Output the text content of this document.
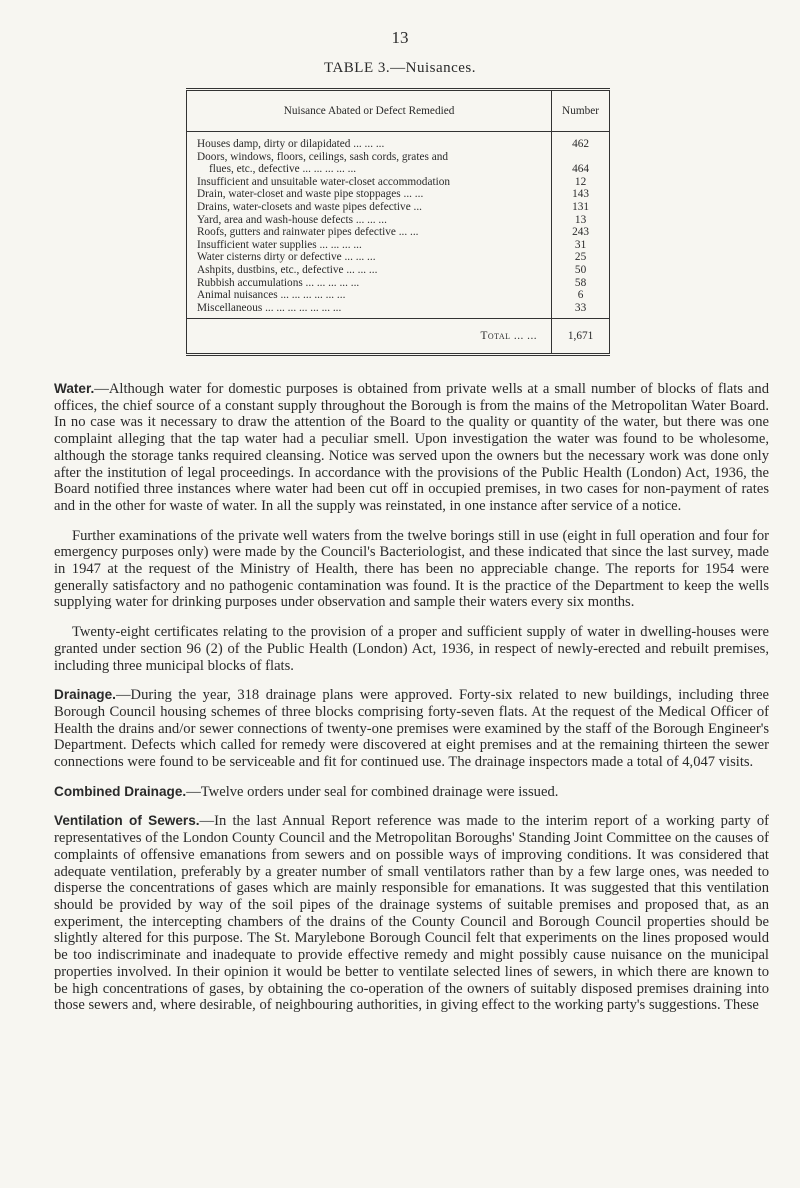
13
TABLE 3.—Nuisances.
Nuisance Abated or Defect Remedied	Number
Houses damp, dirty or dilapidated ... ... ...	462
Doors, windows, floors, ceilings, sash cords, grates and
flues, etc., defective ... ... ... ... ...	464
Insufficient and unsuitable water-closet accommodation	12
Drain, water-closet and waste pipe stoppages ... ...	143
Drains, water-closets and waste pipes defective ...	131
Yard, area and wash-house defects ... ... ...	13
Roofs, gutters and rainwater pipes defective ... ...	243
Insufficient water supplies ... ... ... ...	31
Water cisterns dirty or defective ... ... ...	25
Ashpits, dustbins, etc., defective ... ... ...	50
Rubbish accumulations ... ... ... ... ...	58
Animal nuisances ... ... ... ... ... ...	6
Miscellaneous ... ... ... ... ... ... ...	33
Total ... ...	1,671

Water.—Although water for domestic purposes is obtained from private wells at a small number of blocks of flats and offices, the chief source of a constant supply throughout the Borough is from the mains of the Metropolitan Water Board. In no case was it necessary to draw the attention of the Board to the quality or quantity of the water, but there was one complaint alleging that the tap water had a peculiar smell. Upon investigation the water was found to be wholesome, although the storage tanks required cleansing. Notice was served upon the owners but the necessary work was done only after the institution of legal proceedings. In accordance with the provisions of the Public Health (London) Act, 1936, the Board notified three instances where water had been cut off in occupied premises, in two cases for non-payment of rates and in the other for waste of water. In all the supply was reinstated, in one instance after service of a notice.

Further examinations of the private well waters from the twelve borings still in use (eight in full operation and four for emergency purposes only) were made by the Council's Bacteriologist, and these indicated that since the last survey, made in 1947 at the request of the Ministry of Health, there has been no appreciable change. The reports for 1954 were generally satisfactory and no pathogenic contamination was found. It is the practice of the Department to keep the wells supplying water for drinking purposes under observation and sample their waters every six months.

Twenty-eight certificates relating to the provision of a proper and sufficient supply of water in dwelling-houses were granted under section 96 (2) of the Public Health (London) Act, 1936, in respect of newly-erected and rebuilt premises, including three municipal blocks of flats.

Drainage.—During the year, 318 drainage plans were approved. Forty-six related to new buildings, including three Borough Council housing schemes of three blocks comprising forty-seven flats. At the request of the Medical Officer of Health the drains and/or sewer connections of twenty-one premises were examined by the staff of the Borough Engineer's Department. Defects which called for remedy were discovered at eight premises and at the remaining thirteen the sewer connections were found to be serviceable and fit for continued use. The drainage inspectors made a total of 4,047 visits.

Combined Drainage.—Twelve orders under seal for combined drainage were issued.

Ventilation of Sewers.—In the last Annual Report reference was made to the interim report of a working party of representatives of the London County Council and the Metropolitan Boroughs' Standing Joint Committee on the causes of complaints of offensive emanations from sewers and on possible ways of improving conditions. It was considered that adequate ventilation, preferably by a greater number of small ventilators rather than by a few large ones, was needed to disperse the concentrations of gases which are mainly responsible for emanations. It was suggested that this ventilation should be provided by way of the soil pipes of the drainage systems of suitable premises and proposed that, as an experiment, the intercepting chambers of the drains of the County Council and Borough Council properties should be slightly altered for this purpose. The St. Marylebone Borough Council felt that experiments on the lines proposed would be too indiscriminate and inadequate to provide effective remedy and might possibly cause nuisance on the municipal properties involved. In their opinion it would be better to ventilate selected lines of sewers, in which there are known to be high concentrations of gases, by obtaining the co-operation of the owners of suitably disposed premises draining into those sewers and, where desirable, of neighbouring authorities, in giving effect to the working party's suggestions. These
